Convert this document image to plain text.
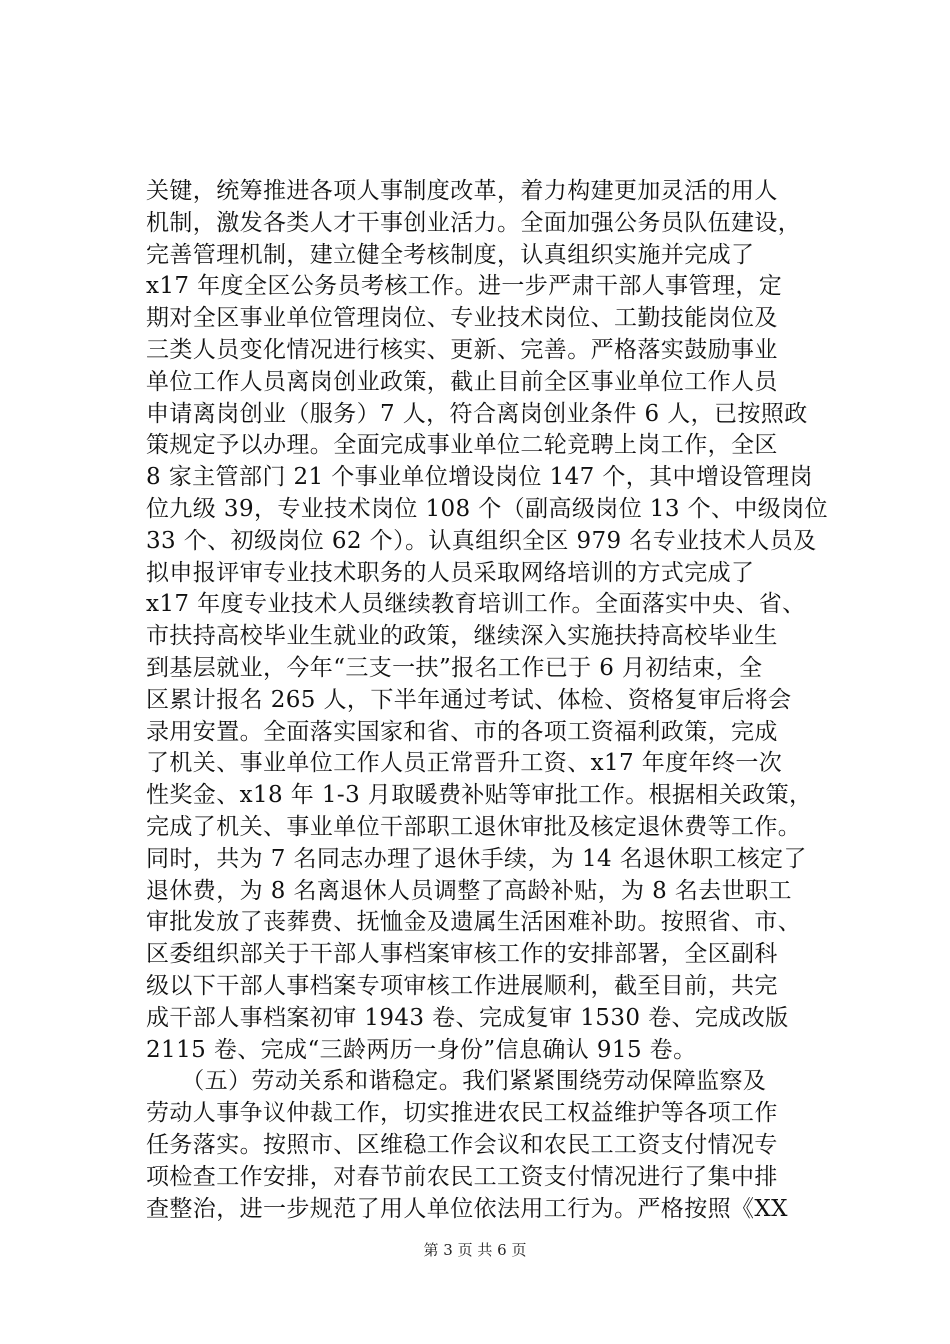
关键，统筹推进各项人事制度改革，着力构建更加灵活的用人
机制，激发各类人才干事创业活力。全面加强公务员队伍建设，
完善管理机制，建立健全考核制度，认真组织实施并完成了
x17 年度全区公务员考核工作。进一步严肃干部人事管理，定
期对全区事业单位管理岗位、专业技术岗位、工勤技能岗位及
三类人员变化情况进行核实、更新、完善。严格落实鼓励事业
单位工作人员离岗创业政策，截止目前全区事业单位工作人员
申请离岗创业（服务）7 人，符合离岗创业条件 6 人，已按照政
策规定予以办理。全面完成事业单位二轮竞聘上岗工作，全区
8 家主管部门 21 个事业单位增设岗位 147 个，其中增设管理岗
位九级 39，专业技术岗位 108 个（副高级岗位 13 个、中级岗位
33 个、初级岗位 62 个）。认真组织全区 979 名专业技术人员及
拟申报评审专业技术职务的人员采取网络培训的方式完成了
x17 年度专业技术人员继续教育培训工作。全面落实中央、省、
市扶持高校毕业生就业的政策，继续深入实施扶持高校毕业生
到基层就业，今年“三支一扶”报名工作已于 6 月初结束，全
区累计报名 265 人，下半年通过考试、体检、资格复审后将会
录用安置。全面落实国家和省、市的各项工资福利政策，完成
了机关、事业单位工作人员正常晋升工资、x17 年度年终一次
性奖金、x18 年 1-3 月取暖费补贴等审批工作。根据相关政策，
完成了机关、事业单位干部职工退休审批及核定退休费等工作。
同时，共为 7 名同志办理了退休手续，为 14 名退休职工核定了
退休费，为 8 名离退休人员调整了高龄补贴，为 8 名去世职工
审批发放了丧葬费、抚恤金及遗属生活困难补助。按照省、市、
区委组织部关于干部人事档案审核工作的安排部署，全区副科
级以下干部人事档案专项审核工作进展顺利，截至目前，共完
成干部人事档案初审 1943 卷、完成复审 1530 卷、完成改版
2115 卷、完成“三龄两历一身份”信息确认 915 卷。
　　（五）劳动关系和谐稳定。我们紧紧围绕劳动保障监察及
劳动人事争议仲裁工作，切实推进农民工权益维护等各项工作
任务落实。按照市、区维稳工作会议和农民工工资支付情况专
项检查工作安排，对春节前农民工工资支付情况进行了集中排
查整治，进一步规范了用人单位依法用工行为。严格按照《XX
第 3 页 共 6 页
